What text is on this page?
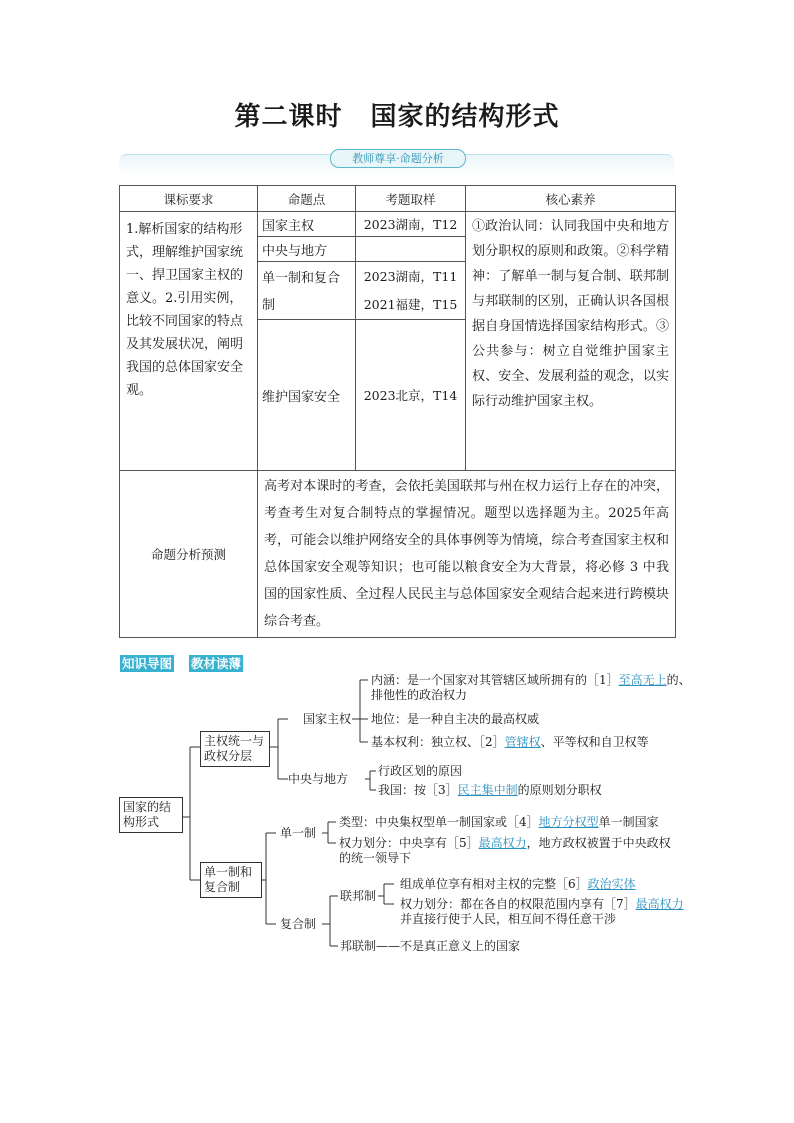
第二课时 国家的结构形式
教师尊享·命题分析
课标要求	命题点	考题取样	核心素养
1.解析国家的结构形式，理解维护国家统一、捍卫国家主权的意义。2.引用实例，比较不同国家的特点及其发展状况，阐明我国的总体国家安全观。	国家主权	2023湖南，T12	①政治认同：认同我国中央和地方划分职权的原则和政策。②科学精神：了解单一制与复合制、联邦制与邦联制的区别，正确认识各国根据自身国情选择国家结构形式。③公共参与：树立自觉维护国家主权、安全、发展利益的观念，以实际行动维护国家主权。
	中央与地方		
	单一制和复合制	2023湖南，T11	
		2021福建，T15	
	维护国家安全	2023北京，T14	
命题分析预测	高考对本课时的考查，会依托美国联邦与州在权力运行上存在的冲突，考查考生对复合制特点的掌握情况。题型以选择题为主。2025年高考，可能会以维护网络安全的具体事例等为情境，综合考查国家主权和总体国家安全观等知识；也可能以粮食安全为大背景，将必修 3 中我国的国家性质、全过程人民民主与总体国家安全观结合起来进行跨模块综合考查。		
知识导图 教材读薄
国家的结构形式
主权统一与政权分层
单一制和复合制
国家主权
内涵：是一个国家对其管辖区域所拥有的［1］至高无上的、
排他性的政治权力
地位：是一种自主决的最高权威
基本权利：独立权、［2］管辖权、平等权和自卫权等
中央与地方
行政区划的原因
我国：按［3］民主集中制的原则划分职权
单一制
类型：中央集权型单一制国家或［4］地方分权型单一制国家
权力划分：中央享有［5］最高权力，地方政权被置于中央政权
的统一领导下
复合制
联邦制
组成单位享有相对主权的完整［6］政治实体
权力划分：都在各自的权限范围内享有［7］最高权力
并直接行使于人民，相互间不得任意干涉
邦联制——不是真正意义上的国家
